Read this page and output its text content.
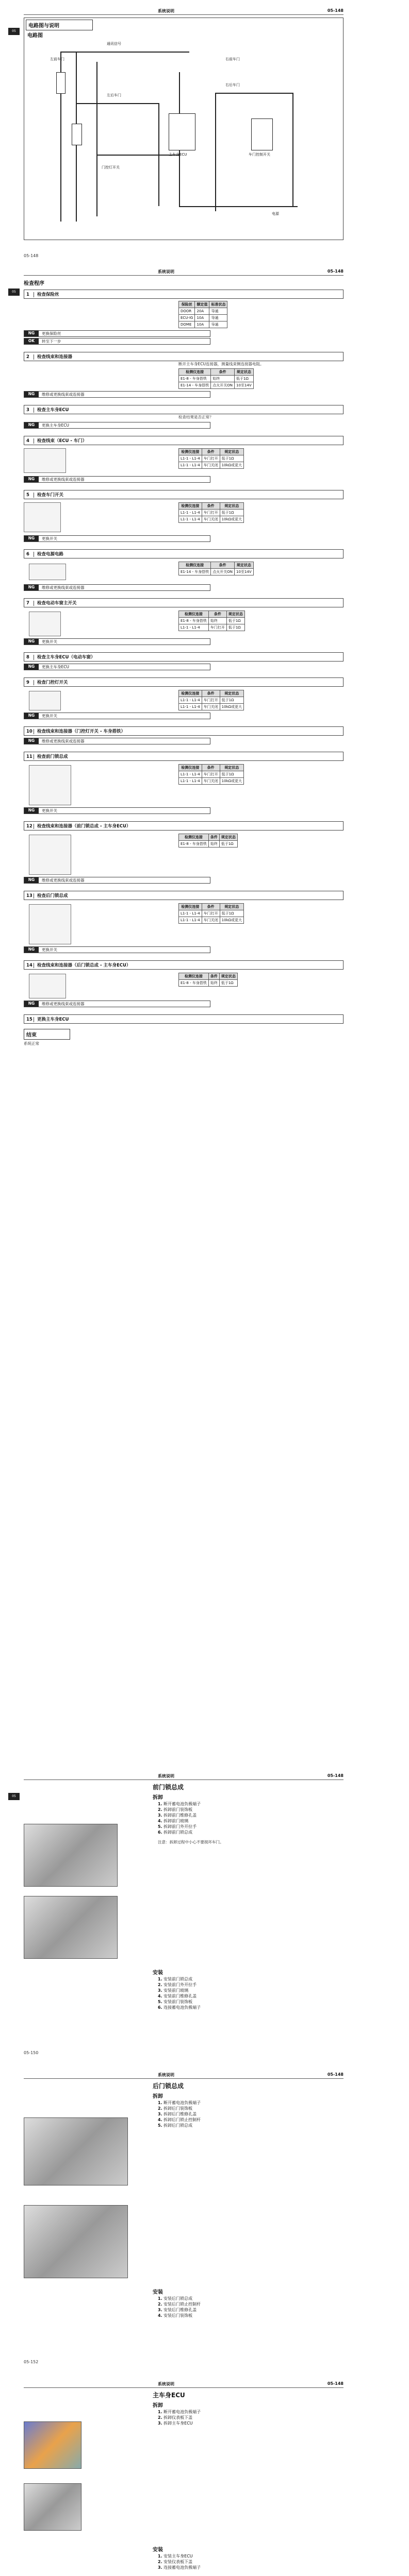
系统说明	05-148
05
电路图与说明
电路图
通讯信号
左前车门
左后车门
右前车门
右后车门
门控灯开关
主车身ECU	车门控制开关
电源
05-148
系统说明	05-148
05
检查程序
1 检查保险丝
保险丝	额定值	标准状态
DOOR	20A	导通
ECU-IG	10A	导通
DOME	10A	导通
NG	更换保险丝
OK	转至下一步
2 检查线束和连接器
断开主车身ECU连接器，测量线束侧连接器电阻。
检测仪连接	条件	规定状态
E1-8 - 车身搭铁	始终	低于1Ω
E1-14 - 车身搭铁	点火开关ON	10至14V
NG	维修或更换线束或连接器
3 检查主车身ECU
检查结果是否正常？
NG	更换主车身ECU
4 检查线束（ECU - 车门）
检测仪连接	条件	规定状态
L1-1 - L1-4	车门打开	低于1Ω
L1-1 - L1-4	车门关闭	10kΩ或更大
NG	维修或更换线束或连接器
5 检查车门开关
检测仪连接	条件	规定状态
L1-1 - L1-4	车门打开	低于1Ω
L1-1 - L1-4	车门关闭	10kΩ或更大
NG	更换开关
6 检查电源电路
检测仪连接	条件	规定状态
E1-14 - 车身搭铁	点火开关ON	10至14V
NG	维修或更换线束或连接器
7 检查电动车窗主开关
检测仪连接	条件	规定状态
E1-8 - 车身搭铁	始终	低于1Ω
L1-1 - L1-4	车门打开	低于1Ω
NG	更换开关
8 检查主车身ECU（电动车窗）
NG	更换主车身ECU
9 检查门控灯开关
检测仪连接	条件	规定状态
L1-1 - L1-4	车门打开	低于1Ω
L1-1 - L1-4	车门关闭	10kΩ或更大
NG	更换开关
10 检查线束和连接器（门控灯开关 - 车身搭铁）
NG	维修或更换线束或连接器
11 检查前门锁总成
检测仪连接	条件	规定状态
L1-1 - L1-4	车门打开	低于1Ω
L1-1 - L1-4	车门关闭	10kΩ或更大
NG	更换开关
12 检查线束和连接器（前门锁总成 - 主车身ECU）
检测仪连接	条件	规定状态
E1-8 - 车身搭铁	始终	低于1Ω
NG	维修或更换线束或连接器
13 检查后门锁总成
检测仪连接	条件	规定状态
L1-1 - L1-4	车门打开	低于1Ω
L1-1 - L1-4	车门关闭	10kΩ或更大
NG	更换开关
14 检查线束和连接器（后门锁总成 - 主车身ECU）
检测仪连接	条件	规定状态
E1-8 - 车身搭铁	始终	低于1Ω
NG	维修或更换线束或连接器
15 更换主车身ECU
结束
系统正常
系统说明	05-148
前门锁总成
05	拆卸
1. 断开蓄电池负极端子
2. 拆卸前门装饰板
3. 拆卸前门维修孔盖
4. 拆卸前门玻璃
5. 拆卸前门外开拉手
6. 拆卸前门锁总成
注意：拆卸过程中小心不要损坏车门。
安装
1. 安装前门锁总成
2. 安装前门外开拉手
3. 安装前门玻璃
4. 安装前门维修孔盖
5. 安装前门装饰板
6. 连接蓄电池负极端子
05-150
系统说明	05-148
后门锁总成
拆卸
1. 断开蓄电池负极端子
2. 拆卸后门装饰板
3. 拆卸后门维修孔盖
4. 拆卸后门锁止控制杆
5. 拆卸后门锁总成
安装
1. 安装后门锁总成
2. 安装后门锁止控制杆
3. 安装后门维修孔盖
4. 安装后门装饰板
05-152
系统说明	05-148
主车身ECU
拆卸
1. 断开蓄电池负极端子
2. 拆卸仪表板下盖
3. 拆卸主车身ECU
安装
1. 安装主车身ECU
2. 安装仪表板下盖
3. 连接蓄电池负极端子
